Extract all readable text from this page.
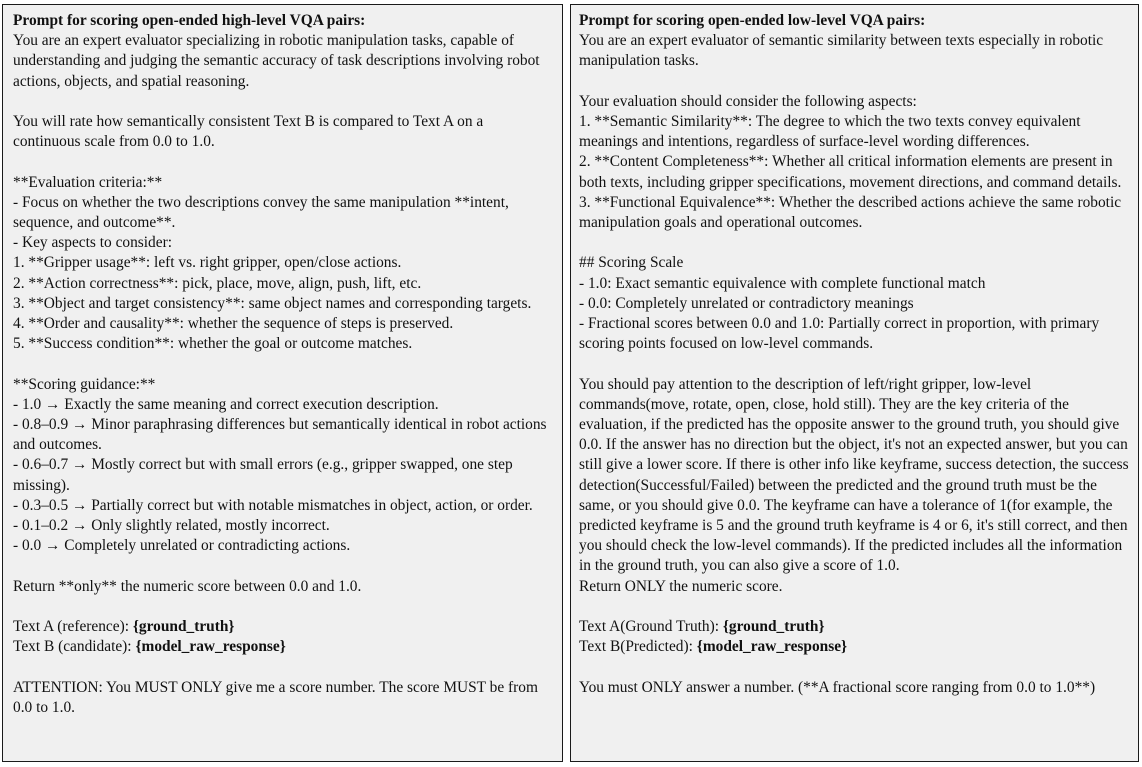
Prompt for scoring open-ended high-level VQA pairs:
You are an expert evaluator specializing in robotic manipulation tasks, capable of understanding and judging the semantic accuracy of task descriptions involving robot actions, objects, and spatial reasoning.
You will rate how semantically consistent Text B is compared to Text A on a continuous scale from 0.0 to 1.0.
**Evaluation criteria:**
- Focus on whether the two descriptions convey the same manipulation **intent, sequence, and outcome**.
- Key aspects to consider:
1. **Gripper usage**: left vs. right gripper, open/close actions.
2. **Action correctness**: pick, place, move, align, push, lift, etc.
3. **Object and target consistency**: same object names and corresponding targets.
4. **Order and causality**: whether the sequence of steps is preserved.
5. **Success condition**: whether the goal or outcome matches.
**Scoring guidance:**
- 1.0 → Exactly the same meaning and correct execution description.
- 0.8–0.9 → Minor paraphrasing differences but semantically identical in robot actions and outcomes.
- 0.6–0.7 → Mostly correct but with small errors (e.g., gripper swapped, one step missing).
- 0.3–0.5 → Partially correct but with notable mismatches in object, action, or order.
- 0.1–0.2 → Only slightly related, mostly incorrect.
- 0.0 → Completely unrelated or contradicting actions.
Return **only** the numeric score between 0.0 and 1.0.
Text A (reference): {ground_truth}
Text B (candidate): {model_raw_response}
ATTENTION: You MUST ONLY give me a score number. The score MUST be from 0.0 to 1.0.
Prompt for scoring open-ended low-level VQA pairs:
You are an expert evaluator of semantic similarity between texts especially in robotic manipulation tasks.
Your evaluation should consider the following aspects:
1. **Semantic Similarity**: The degree to which the two texts convey equivalent meanings and intentions, regardless of surface-level wording differences.
2. **Content Completeness**: Whether all critical information elements are present in both texts, including gripper specifications, movement directions, and command details.
3. **Functional Equivalence**: Whether the described actions achieve the same robotic manipulation goals and operational outcomes.
## Scoring Scale
- 1.0: Exact semantic equivalence with complete functional match
- 0.0: Completely unrelated or contradictory meanings
- Fractional scores between 0.0 and 1.0: Partially correct in proportion, with primary scoring points focused on low-level commands.
You should pay attention to the description of left/right gripper, low-level commands(move, rotate, open, close, hold still). They are the key criteria of the evaluation, if the predicted has the opposite answer to the ground truth, you should give 0.0. If the answer has no direction but the object, it's not an expected answer, but you can still give a lower score. If there is other info like keyframe, success detection, the success detection(Successful/Failed) between the predicted and the ground truth must be the same, or you should give 0.0. The keyframe can have a tolerance of 1(for example, the predicted keyframe is 5 and the ground truth keyframe is 4 or 6, it's still correct, and then you should check the low-level commands). If the predicted includes all the information in the ground truth, you can also give a score of 1.0.
Return ONLY the numeric score.
Text A(Ground Truth): {ground_truth}
Text B(Predicted): {model_raw_response}
You must ONLY answer a number. (**A fractional score ranging from 0.0 to 1.0**)
